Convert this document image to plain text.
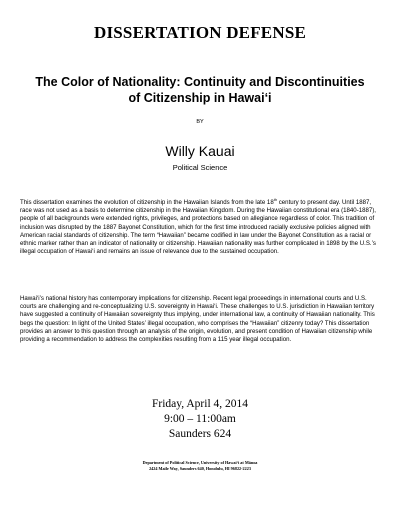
DISSERTATION DEFENSE
The Color of Nationality: Continuity and Discontinuities
of Citizenship in Hawai‘i
BY
Willy Kauai
Political Science
This dissertation examines the evolution of citizenship in the Hawaiian Islands from the late 18th century to present day. Until 1887, race was not used as a basis to determine citizenship in the Hawaiian Kingdom. During the Hawaiian constitutional era (1840-1887), people of all backgrounds were extended rights, privileges, and protections based on allegiance regardless of color. This tradition of inclusion was disrupted by the 1887 Bayonet Constitution, which for the first time introduced racially exclusive policies aligned with American racial standards of citizenship. The term “Hawaiian” became codified in law under the Bayonet Constitution as a racial or ethnic marker rather than an indicator of nationality or citizenship. Hawaiian nationality was further complicated in 1898 by the U.S.’s illegal occupation of Hawai‘i and remains an issue of relevance due to the sustained occupation.
Hawai‘i’s national history has contemporary implications for citizenship. Recent legal proceedings in international courts and U.S. courts are challenging and re-conceptualizing U.S. sovereignty in Hawai‘i. These challenges to U.S. jurisdiction in Hawaiian territory have suggested a continuity of Hawaiian sovereignty thus implying, under international law, a continuity of Hawaiian nationality. This begs the question: In light of the United States’ illegal occupation, who comprises the “Hawaiian” citizenry today? This dissertation provides an answer to this question through an analysis of the origin, evolution, and present condition of Hawaiian citizenship while providing a recommendation to address the complexities resulting from a 115 year illegal occupation.
Friday, April 4, 2014
9:00 – 11:00am
Saunders 624
Department of Political Science, University of Hawai‘i at Mānoa
2424 Maile Way, Saunders 640, Honolulu, HI 96822-2223
